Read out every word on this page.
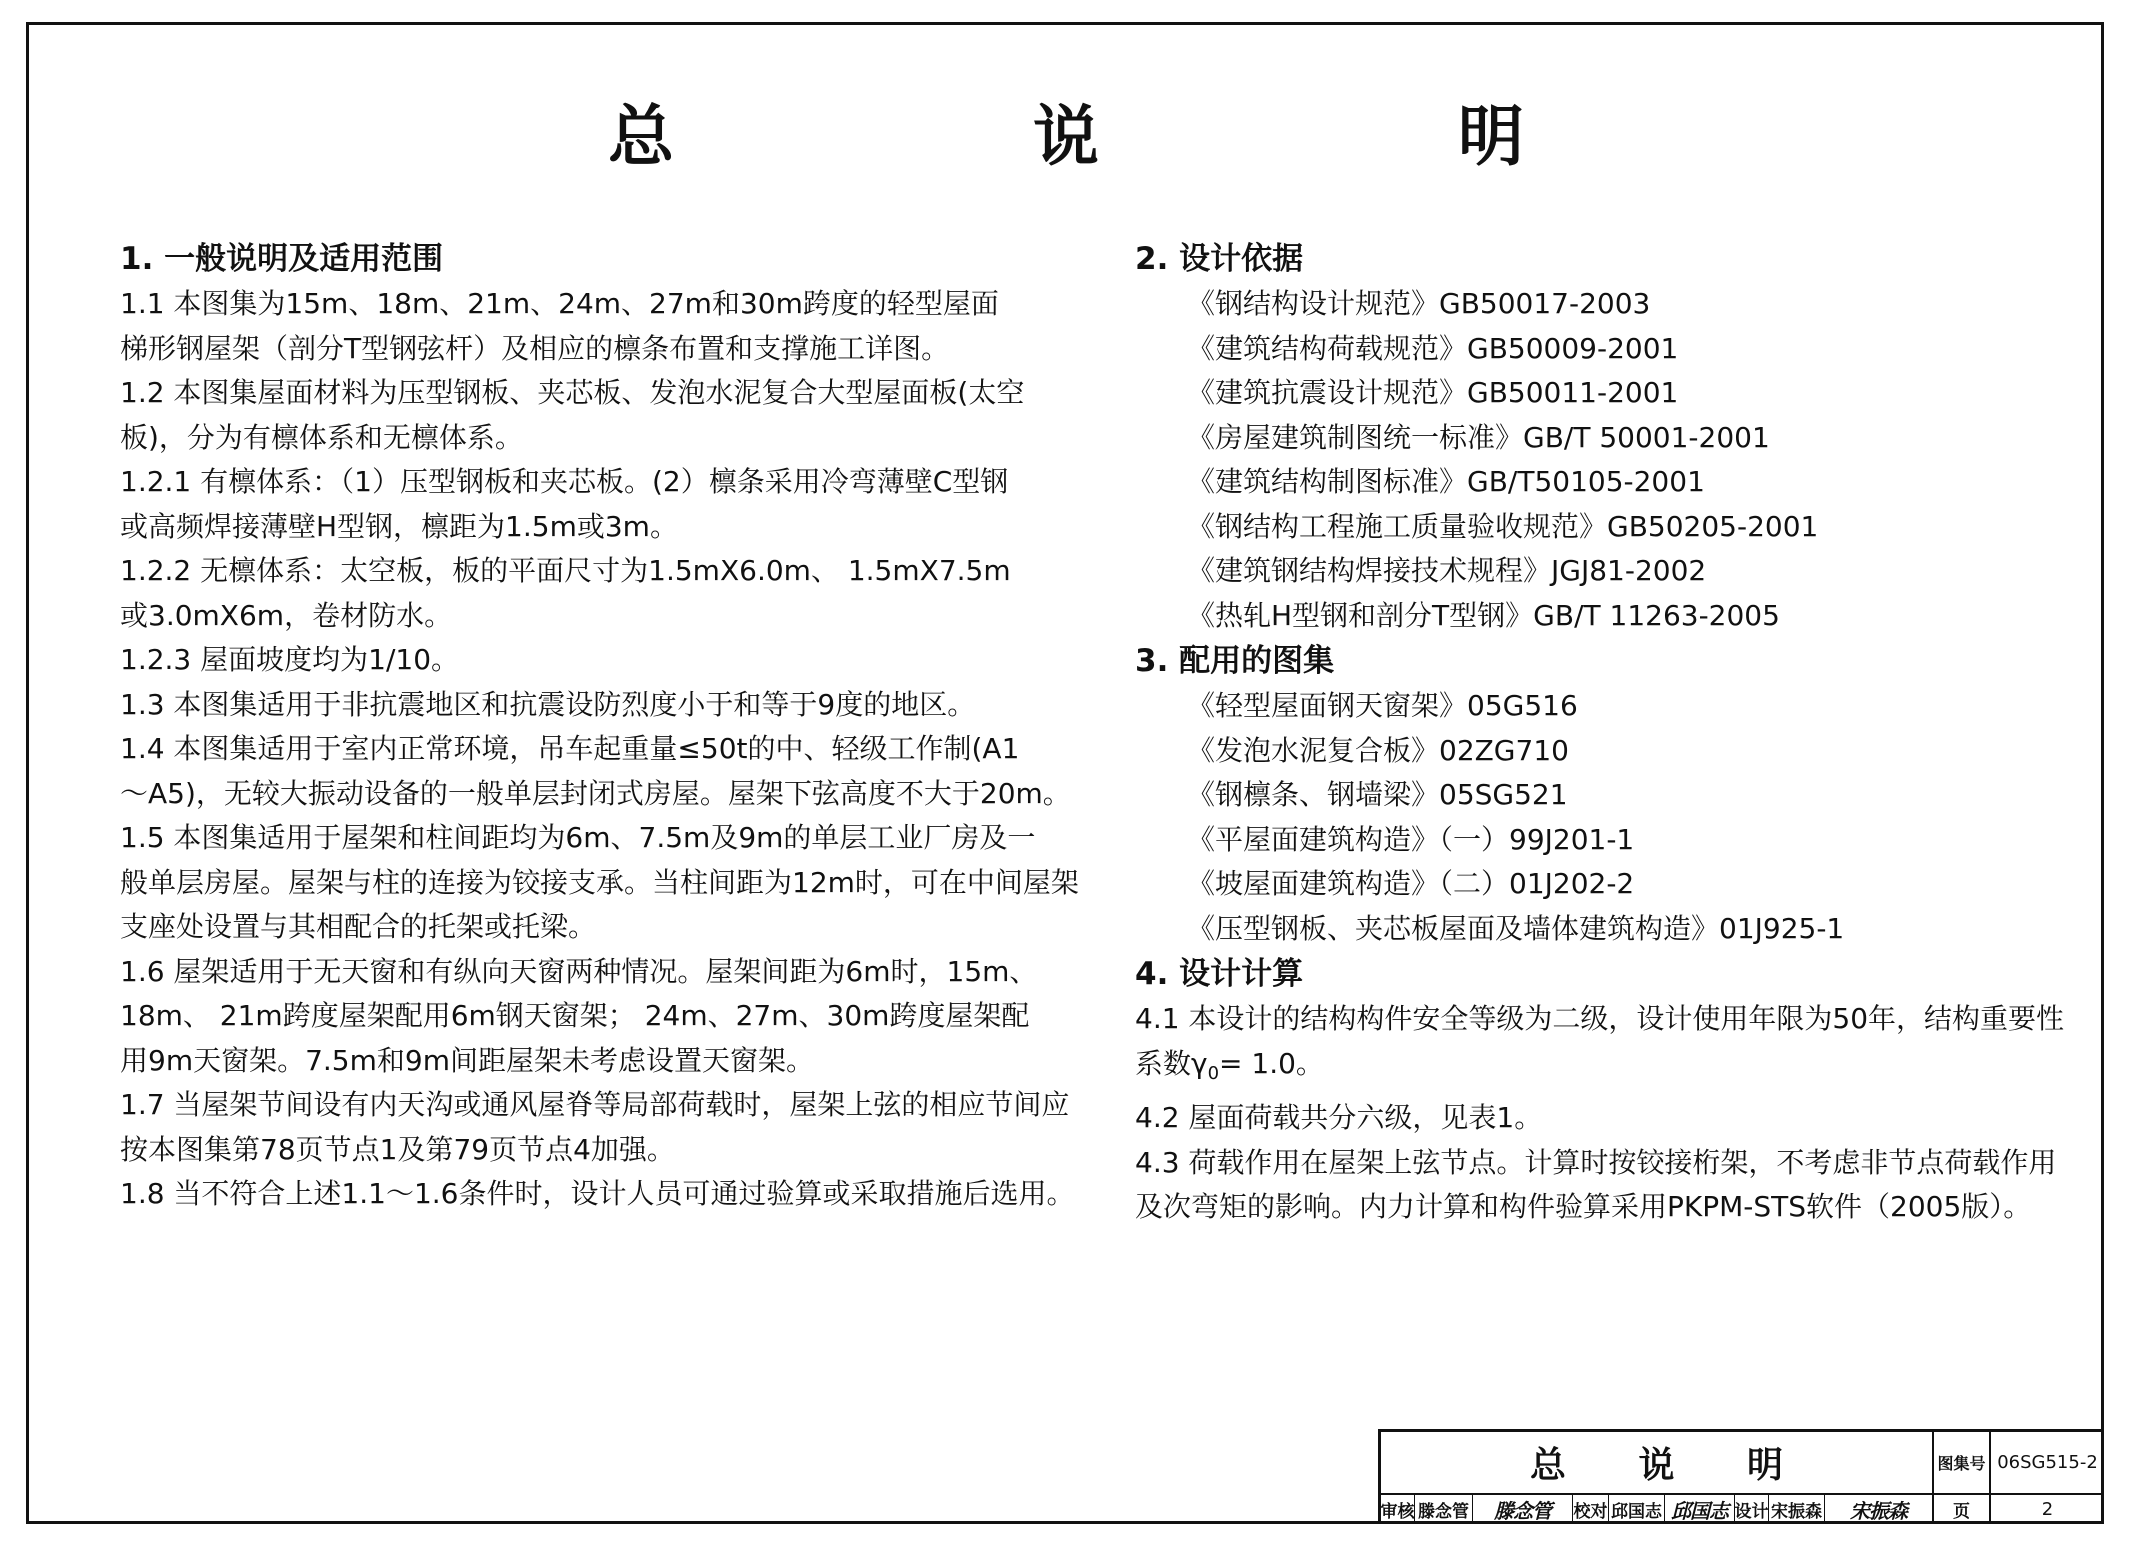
总 说 明
1. 一般说明及适用范围

1.1 本图集为15m、18m、21m、24m、27m和30m跨度的轻型屋面

梯形钢屋架（剖分T型钢弦杆）及相应的檩条布置和支撑施工详图。

1.2 本图集屋面材料为压型钢板、夹芯板、发泡水泥复合大型屋面板(太空

板)，分为有檩体系和无檩体系。

1.2.1 有檩体系：（1）压型钢板和夹芯板。(2）檩条采用冷弯薄壁C型钢

或高频焊接薄壁H型钢，檩距为1.5m或3m。

1.2.2 无檩体系：太空板，板的平面尺寸为1.5mX6.0m、 1.5mX7.5m

或3.0mX6m，卷材防水。

1.2.3 屋面坡度均为1/10。

1.3 本图集适用于非抗震地区和抗震设防烈度小于和等于9度的地区。

1.4 本图集适用于室内正常环境，吊车起重量≤50t的中、轻级工作制(A1

～A5)，无较大振动设备的一般单层封闭式房屋。屋架下弦高度不大于20m。

1.5 本图集适用于屋架和柱间距均为6m、7.5m及9m的单层工业厂房及一

般单层房屋。屋架与柱的连接为铰接支承。当柱间距为12m时，可在中间屋架

支座处设置与其相配合的托架或托梁。

1.6 屋架适用于无天窗和有纵向天窗两种情况。屋架间距为6m时，15m、

18m、 21m跨度屋架配用6m钢天窗架； 24m、27m、30m跨度屋架配

用9m天窗架。7.5m和9m间距屋架未考虑设置天窗架。

1.7 当屋架节间设有内天沟或通风屋脊等局部荷载时，屋架上弦的相应节间应

按本图集第78页节点1及第79页节点4加强。

1.8 当不符合上述1.1～1.6条件时，设计人员可通过验算或采取措施后选用。

2. 设计依据

《钢结构设计规范》GB50017-2003

《建筑结构荷载规范》GB50009-2001

《建筑抗震设计规范》GB50011-2001

《房屋建筑制图统一标准》GB/T 50001-2001

《建筑结构制图标准》GB/T50105-2001

《钢结构工程施工质量验收规范》GB50205-2001

《建筑钢结构焊接技术规程》JGJ81-2002

《热轧H型钢和剖分T型钢》GB/T 11263-2005

3. 配用的图集

《轻型屋面钢天窗架》05G516

《发泡水泥复合板》02ZG710

《钢檩条、钢墙梁》05SG521

《平屋面建筑构造》（一）99J201-1

《坡屋面建筑构造》（二）01J202-2

《压型钢板、夹芯板屋面及墙体建筑构造》01J925-1

4. 设计计算

4.1 本设计的结构构件安全等级为二级，设计使用年限为50年，结构重要性

系数$\gamma_0= 1.0$。

4.2 屋面荷载共分六级，见表1。

4.3 荷载作用在屋架上弦节点。计算时按铰接桁架，不考虑非节点荷载作用

及次弯矩的影响。内力计算和构件验算采用PKPM-STS软件（2005版）。

总 说 明	图集号 06SG515-2
审核 滕念管	滕念管	校对 邱国志 邱国志 设计 宋振森	宋振森	页	2
